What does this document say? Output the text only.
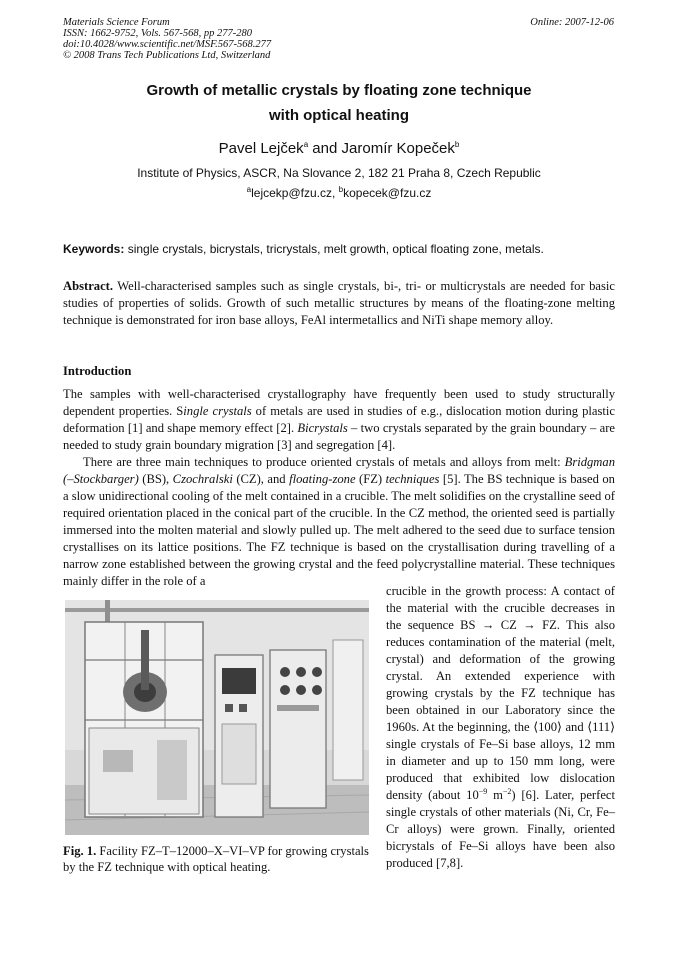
Materials Science Forum
ISSN: 1662-9752, Vols. 567-568, pp 277-280
doi:10.4028/www.scientific.net/MSF.567-568.277
© 2008 Trans Tech Publications Ltd, Switzerland
Online: 2007-12-06
Growth of metallic crystals by floating zone technique
with optical heating
Pavel Lejček$^a$ and Jaromír Kopeček$^b$
Institute of Physics, ASCR, Na Slovance 2, 182 21 Praha 8, Czech Republic
$^a$lejcekp@fzu.cz, $^b$kopecek@fzu.cz
Keywords: single crystals, bicrystals, tricrystals, melt growth, optical floating zone, metals.
Abstract. Well-characterised samples such as single crystals, bi-, tri- or multicrystals are needed for basic studies of properties of solids. Growth of such metallic structures by means of the floating-zone melting technique is demonstrated for iron base alloys, FeAl intermetallics and NiTi shape memory alloy.
Introduction

The samples with well-characterised crystallography have frequently been used to study structurally dependent properties. Single crystals of metals are used in studies of e.g., dislocation motion during plastic deformation [1] and shape memory effect [2]. Bicrystals – two crystals separated by the grain boundary – are needed to study grain boundary migration [3] and segregation [4].

There are three main techniques to produce oriented crystals of metals and alloys from melt: Bridgman (–Stockbarger) (BS), Czochralski (CZ), and floating-zone (FZ) techniques [5]. The BS technique is based on a slow unidirectional cooling of the melt contained in a crucible. The melt solidifies on the crystalline seed of required orientation placed in the conical part of the crucible. In the CZ method, the oriented seed is partially immersed into the molten material and slowly pulled up. The melt adhered to the seed due to surface tension crystallises on its lattice positions. The FZ technique is based on the crystallisation during travelling of a narrow zone established between the growing crystal and the feed polycrystalline material. These techniques mainly differ in the role of a

crucible in the growth process: A contact of the material with the crucible decreases in the sequence BS → CZ → FZ. This also reduces contamination of the material (melt, crystal) and deformation of the growing crystal. An extended experience with growing crystals by the FZ technique has been obtained in our Laboratory since the 1960s. At the beginning, the ⟨100⟩ and ⟨111⟩ single crystals of Fe–Si base alloys, 12 mm in diameter and up to 150 mm long, were produced that exhibited low dislocation density (about $10^{-9}$ $m^{-2}$) [6]. Later, perfect single crystals of other materials (Ni, Cr, Fe–Cr alloys) were grown. Finally, oriented bicrystals of Fe–Si alloys have been also produced [7,8].
Fig. 1. Facility FZ–T–12000–X–VI–VP for growing crystals by the FZ technique with optical heating.
